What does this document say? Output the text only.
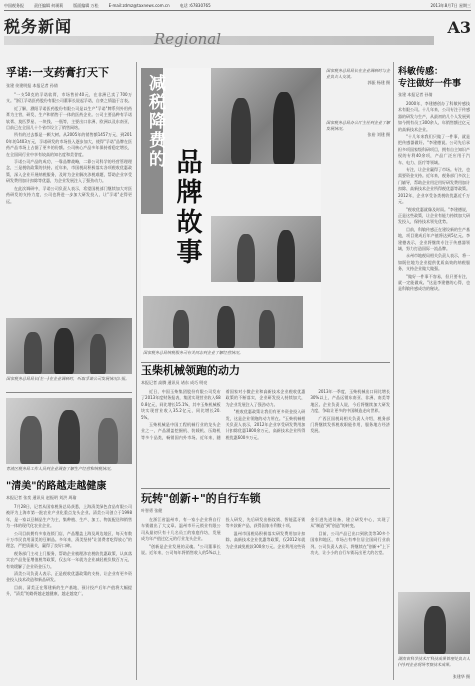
中国税务报	责任编辑 何瑛莉	版面编辑 万松	E-mail:zdmz@taxnews.com.cn	电话 :67830765	2013年8月7日 星期三
税务新闻
Regional
A3
孚诺:一支药膏打天下
张建 佟建明报 本报记者 孙倩

"一支50克的孚诺软膏，市场售价40元，在非洲已卖了700万支。"浙江孚诺医药股份有限公司董事长说起孚诺，自豪之情溢于言表。

近了解，濮阳孚诺医药股份有限公司是以生产"孚诺"牌系列外用药膏为主营，研发、生产和销售于一体的医药企业。公司主要品种有孚诺软膏、莫匹罗星、一块钱、一瓶等，主要出口非洲、欧洲以及东南亚，目前已在全国几十个省市设立了销售网络。

所有的过去都是一颗大树。从2005年的销售额1457万元，到2010年的1403万元，孚诺研发的市场投入逐步加大，使得"孚诺"品牌在医药产品市场上占据了更多的份额。公司核心产品多年保持着稳定增长，在全国同行业中享有较高的知名度和美誉度。

孚诺公司产品的成功，一靠品牌战略，二靠公司科学的经营管理理念，三是税收政策的扶持。近年来，市国税局积极落实各项税收优惠政策，深入企业开展纳税服务，及时为企业解决涉税难题，帮助企业享受研发费用加计扣除等优惠，为企业发展注入了强劲动力。

在此次调研中，孚诺公司负责人表示，希望国税部门继续加大对医药研发的支持力度，公司也将进一步加大研发投入，让"孚诺"走得更远。

国家税务总局局长(左一)在企业调研时，听取孚诺公司发展情况汇报。
青浦区税务局工作人员到企业调查了解生产经营和纳税情况。
"清美"的路越走越健康
本报记者 张奕 通讯员 赵振明 刘洪 周瑜

7月28日，记者从国家税务总局获悉，上海清美绿色食品有限公司被评为上海市第一批农业产业化重点龙头企业。清美公司创立于1998年，是一家以豆制品生产为主，集种植、生产、加工、物流配送和销售为一体的现代化农业企业。

公司目前拥有多家连锁门店，产品覆盖上海及周边地区，每天有数十万市民食用清美的豆制品。多年来，清美坚持"让消费者吃得放心"的理念，严把质量关，赢得了良好口碑。

税务部门主动上门服务，帮助企业梳理涉农税收优惠政策，认真落实农产品免征增值税等政策，仅去年一年就为企业减轻税负数百万元，有效缓解了企业资金压力。

清美公司负责人表示，正是税收优惠政策的支持，让企业有更多资金投入技术改造和新品研发。

目前，清美正在筹建新的生产基地，预计投产后年产值将大幅提升，"清美"的路将越走越健康、越走越宽广。

减税降费的
品牌故事
国家税务总局纳税服务司有关同志到企业了解经营情况。
国家税务总局局长在企业调研时与企业负责人交谈。
郭振 杨建 摄
国家税务总局办公厅主任到企业了解发展情况。
张裕 刘建 摄
玉柴机械领跑的动力
本报记者 高腾 通讯员 诸东 成巧 明亮

近日，中国玉柴集团股份有限公司发布了2013年度财务报表，集团实现营业收入680.8亿元，同比增长15.1%，其中玉柴机械板块实现营业收入35.2亿元，同比增长20.5%。

玉柴机械是中国工程机械行业的龙头企业之一，产品涵盖挖掘机、装载机、压路机等多个品类，畅销国内外市场。近年来，随着国家对小微企业和高新技术企业税收优惠政策的不断落实，企业研发投入持续加大，为企业发展注入了强劲动力。

"税收优惠政策让我们有更多资金投入研发，这是企业领跑的动力所在。"玉柴机械相关负责人表示，2012年企业享受研发费用加计扣除优惠1800余万元，高新技术企业所得税优惠600多万元。

2013年一季度，玉柴机械出口同比增长30%以上，产品远销东南亚、非洲、南美等地区。企业负责人说，今后将继续加大研发力度，争取让更多的中国制造走向世界。

广西区国税局相关负责人介绍，税务部门将继续发挥税收职能作用，服务地方经济发展。

玩转"创新+"的自行车锁
叶智勇 张健

在浙江省温州市，有一家小企业将自行车锁做出了大文章。温州市开元锁业有限公司从最初只有十几名员工的家庭作坊，发展成为年产值过亿元的行业龙头企业。

"创新是企业发展的灵魂。"公司董事长说。近年来，公司每年将销售收入的5%以上投入研发，先后研发出指纹锁、智能蓝牙锁等多款新产品，获得国家专利数十项。

温州市国税局积极落实研发费用加计扣除、高新技术企业优惠等政策，仅2012年就为企业减免税款300余万元。企业利用这些资金引进先进设备，建立研发中心，实现了从"制造"到"创造"的转变。

目前，公司产品已出口到欧美等30多个国家和地区，市场占有率位居全国同行业前列。公司负责人表示，将继续在"创新+"上下功夫，让小小的自行车锁玩出更大的名堂。

科敏传感：
专注做好一件事
张建 本报记者 孙倩

2000年，李建德创办了科敏传感技术有限公司。十几年来，公司专注于传感器的研发与生产，从最初的几个人发展到如今拥有员工300余人、年销售额过亿元的高新技术企业。

"十几年来我们只做了一件事，就是把传感器做好。"李建德说。公司先后承担多项国家级科研项目，拥有自主知识产权的专利40余项，产品广泛应用于汽车、电力、医疗等领域。

专注，让企业赢得了市场。专注，也需要资金支持。近年来，税务部门多次上门辅导，帮助企业用足用好研发费用加计扣除、高新技术企业所得税优惠等政策。2012年，企业享受各类税收优惠近千万元。

"税收优惠就像及时雨。"李建德说，正是这些政策，让企业有能力持续加大研发投入，保持技术领先优势。

目前，科敏传感正在建设新的生产基地，项目建成后年产值将达到5亿元。李建德表示，企业将继续专注于传感器领域，努力打造国际一流品牌。

永州市地税局相关负责人表示，将一如既往地为企业提供优质高效的纳税服务，支持企业做大做强。

"做好一件事不容易，但只要专注，就一定能做成。"这是李建德的心得，也是科敏传感成功的秘诀。

湖南省科学技术厅科技成果管理处负责人(中)到企业现场考察技术成果。
张建华 摄
